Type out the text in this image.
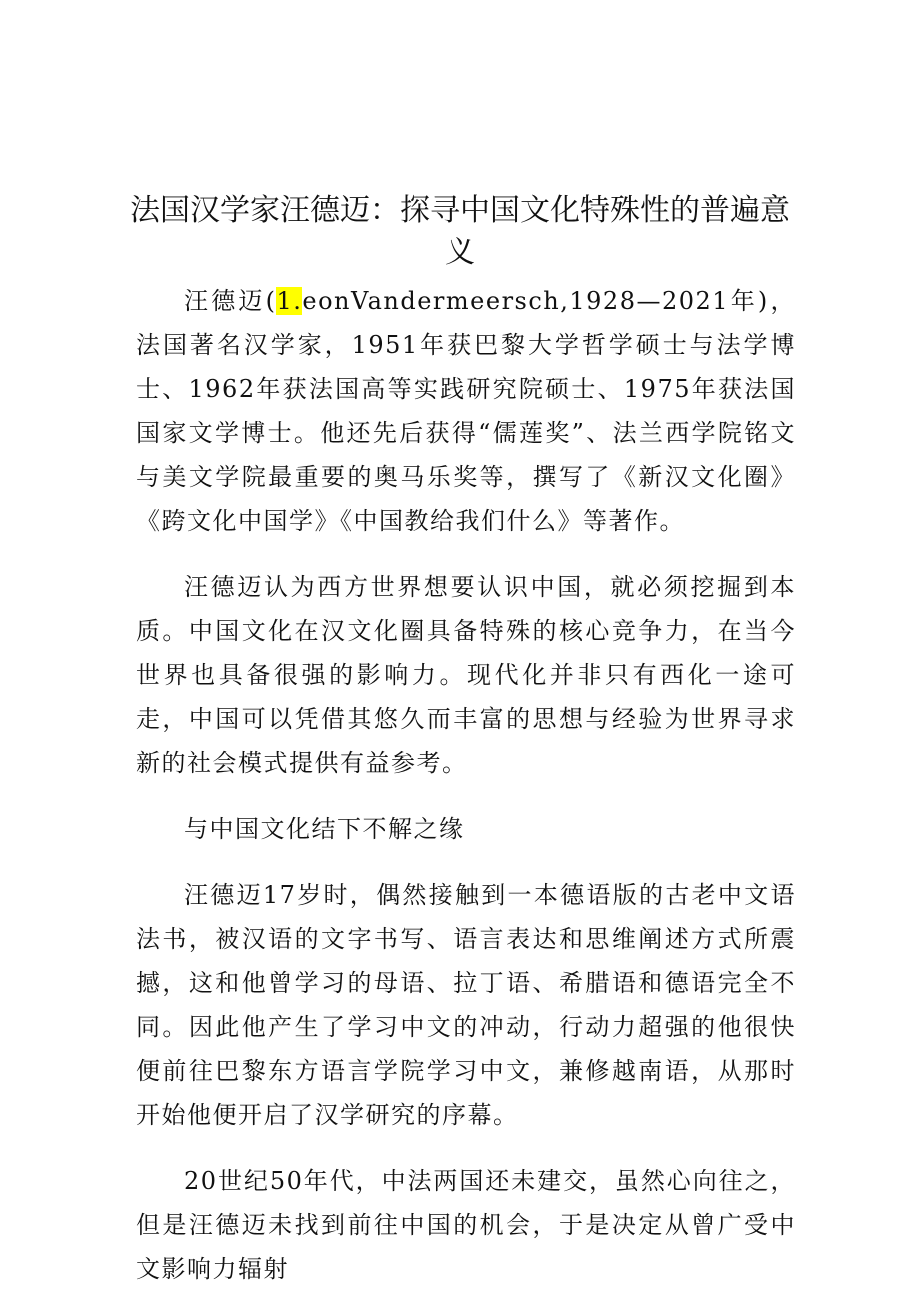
法国汉学家汪德迈：探寻中国文化特殊性的普遍意义

汪德迈(1.eonVandermeersch,1928—2021年)，法国著名汉学家，1951年获巴黎大学哲学硕士与法学博士、1962年获法国高等实践研究院硕士、1975年获法国国家文学博士。他还先后获得“儒莲奖”、法兰西学院铭文与美文学院最重要的奥马乐奖等，撰写了《新汉文化圈》《跨文化中国学》《中国教给我们什么》等著作。

汪德迈认为西方世界想要认识中国，就必须挖掘到本质。中国文化在汉文化圈具备特殊的核心竞争力，在当今世界也具备很强的影响力。现代化并非只有西化一途可走，中国可以凭借其悠久而丰富的思想与经验为世界寻求新的社会模式提供有益参考。

与中国文化结下不解之缘

汪德迈17岁时，偶然接触到一本德语版的古老中文语法书，被汉语的文字书写、语言表达和思维阐述方式所震撼，这和他曾学习的母语、拉丁语、希腊语和德语完全不同。因此他产生了学习中文的冲动，行动力超强的他很快便前往巴黎东方语言学院学习中文，兼修越南语，从那时开始他便开启了汉学研究的序幕。

20世纪50年代，中法两国还未建交，虽然心向往之，但是汪德迈未找到前往中国的机会，于是决定从曾广受中文影响力辐射
